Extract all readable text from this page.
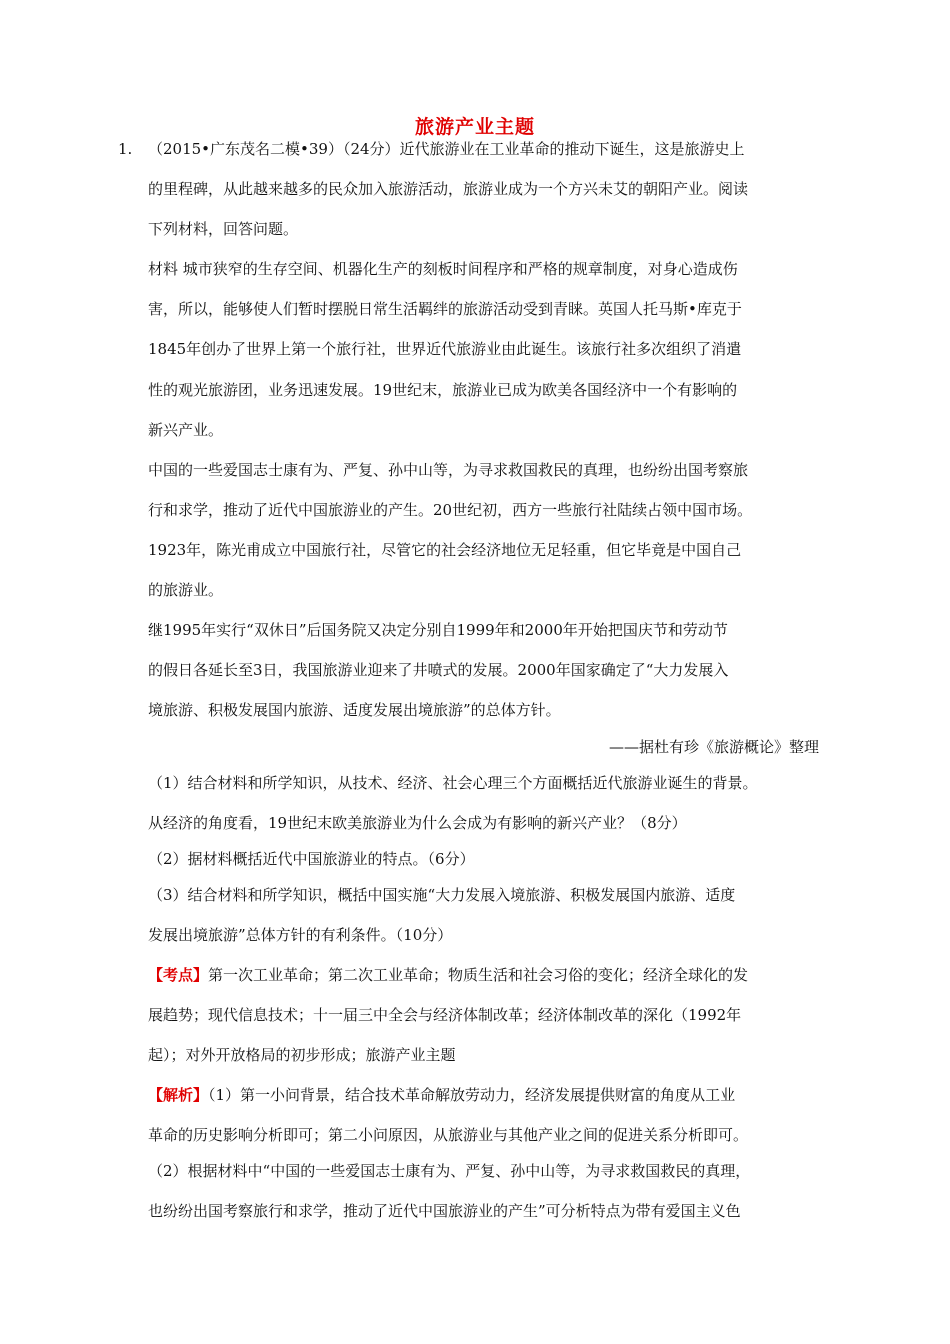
旅游产业主题
1. （2015•广东茂名二模•39）（24分）近代旅游业在工业革命的推动下诞生，这是旅游史上
的里程碑，从此越来越多的民众加入旅游活动，旅游业成为一个方兴未艾的朝阳产业。阅读
下列材料，回答问题。
材料 城市狭窄的生存空间、机器化生产的刻板时间程序和严格的规章制度，对身心造成伤
害，所以，能够使人们暂时摆脱日常生活羁绊的旅游活动受到青睐。英国人托马斯•库克于
1845年创办了世界上第一个旅行社，世界近代旅游业由此诞生。该旅行社多次组织了消遣
性的观光旅游团，业务迅速发展。19世纪末，旅游业已成为欧美各国经济中一个有影响的
新兴产业。
中国的一些爱国志士康有为、严复、孙中山等，为寻求救国救民的真理，也纷纷出国考察旅
行和求学，推动了近代中国旅游业的产生。20世纪初，西方一些旅行社陆续占领中国市场。
1923年，陈光甫成立中国旅行社，尽管它的社会经济地位无足轻重，但它毕竟是中国自己
的旅游业。
继1995年实行“双休日”后国务院又决定分别自1999年和2000年开始把国庆节和劳动节
的假日各延长至3日，我国旅游业迎来了井喷式的发展。2000年国家确定了“大力发展入
境旅游、积极发展国内旅游、适度发展出境旅游”的总体方针。
——据杜有珍《旅游概论》整理
（1）结合材料和所学知识，从技术、经济、社会心理三个方面概括近代旅游业诞生的背景。
从经济的角度看，19世纪末欧美旅游业为什么会成为有影响的新兴产业？（8分）
（2）据材料概括近代中国旅游业的特点。（6分）
（3）结合材料和所学知识，概括中国实施“大力发展入境旅游、积极发展国内旅游、适度
发展出境旅游”总体方针的有利条件。（10分）
【考点】第一次工业革命；第二次工业革命；物质生活和社会习俗的变化；经济全球化的发
展趋势；现代信息技术；十一届三中全会与经济体制改革；经济体制改革的深化（1992年
起）；对外开放格局的初步形成；旅游产业主题
【解析】（1）第一小问背景，结合技术革命解放劳动力，经济发展提供财富的角度从工业
革命的历史影响分析即可；第二小问原因，从旅游业与其他产业之间的促进关系分析即可。
（2）根据材料中“中国的一些爱国志士康有为、严复、孙中山等，为寻求救国救民的真理，
也纷纷出国考察旅行和求学，推动了近代中国旅游业的产生”可分析特点为带有爱国主义色
